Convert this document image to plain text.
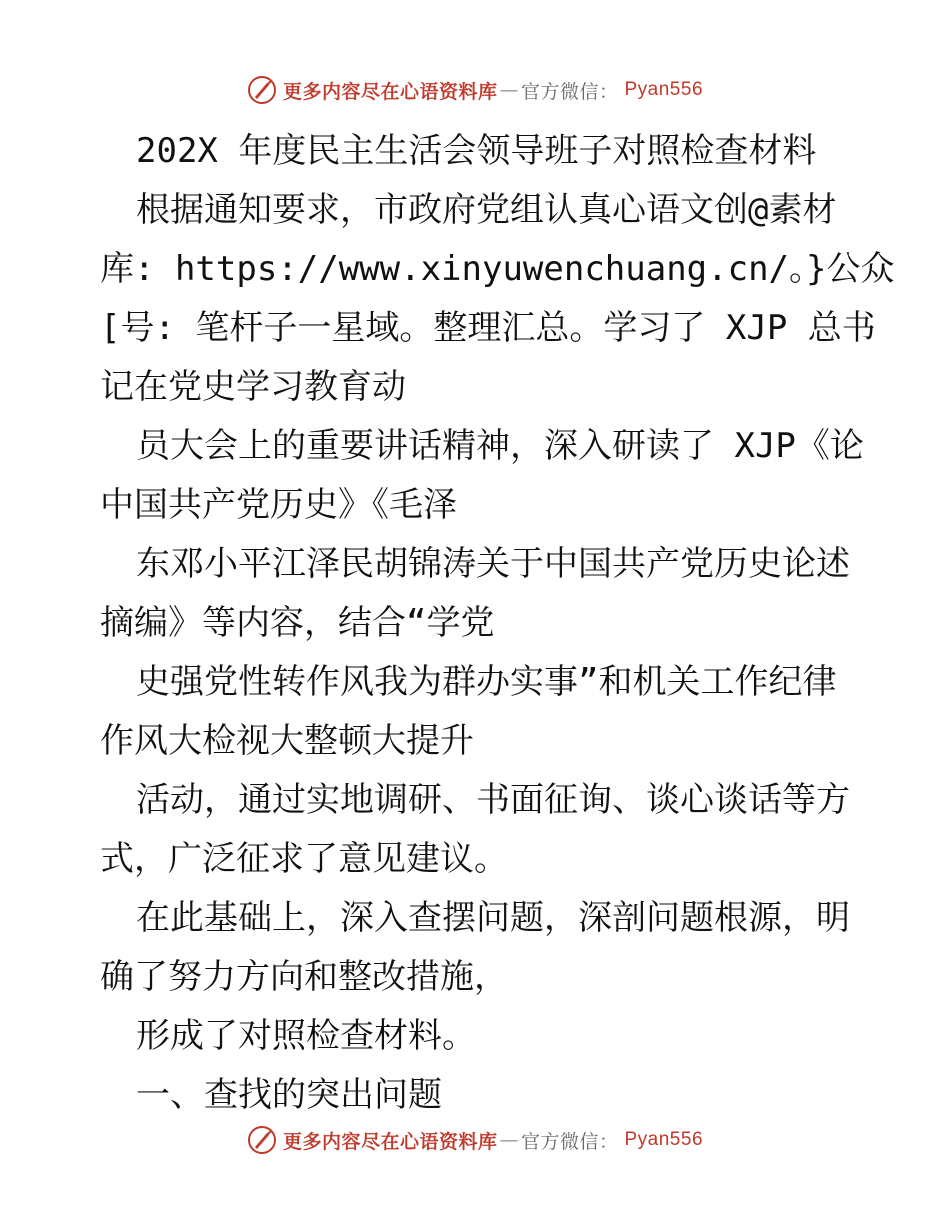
更多内容尽在心语资料库 — 官方微信： Pyan556
202X 年度民主生活会领导班子对照检查材料
根据通知要求，市政府党组认真心语文创@素材
库: https://www.xinyuwenchuang.cn/。}公众
[号: 笔杆子一星域。整理汇总。学习了 XJP 总书
记在党史学习教育动
员大会上的重要讲话精神，深入研读了 XJP《论
中国共产党历史》《毛泽
东邓小平江泽民胡锦涛关于中国共产党历史论述
摘编》等内容，结合“学党
史强党性转作风我为群办实事”和机关工作纪律
作风大检视大整顿大提升
活动，通过实地调研、书面征询、谈心谈话等方
式，广泛征求了意见建议。
在此基础上，深入查摆问题，深剖问题根源，明
确了努力方向和整改措施，
形成了对照检查材料。
一、查找的突出问题
更多内容尽在心语资料库 — 官方微信： Pyan556
